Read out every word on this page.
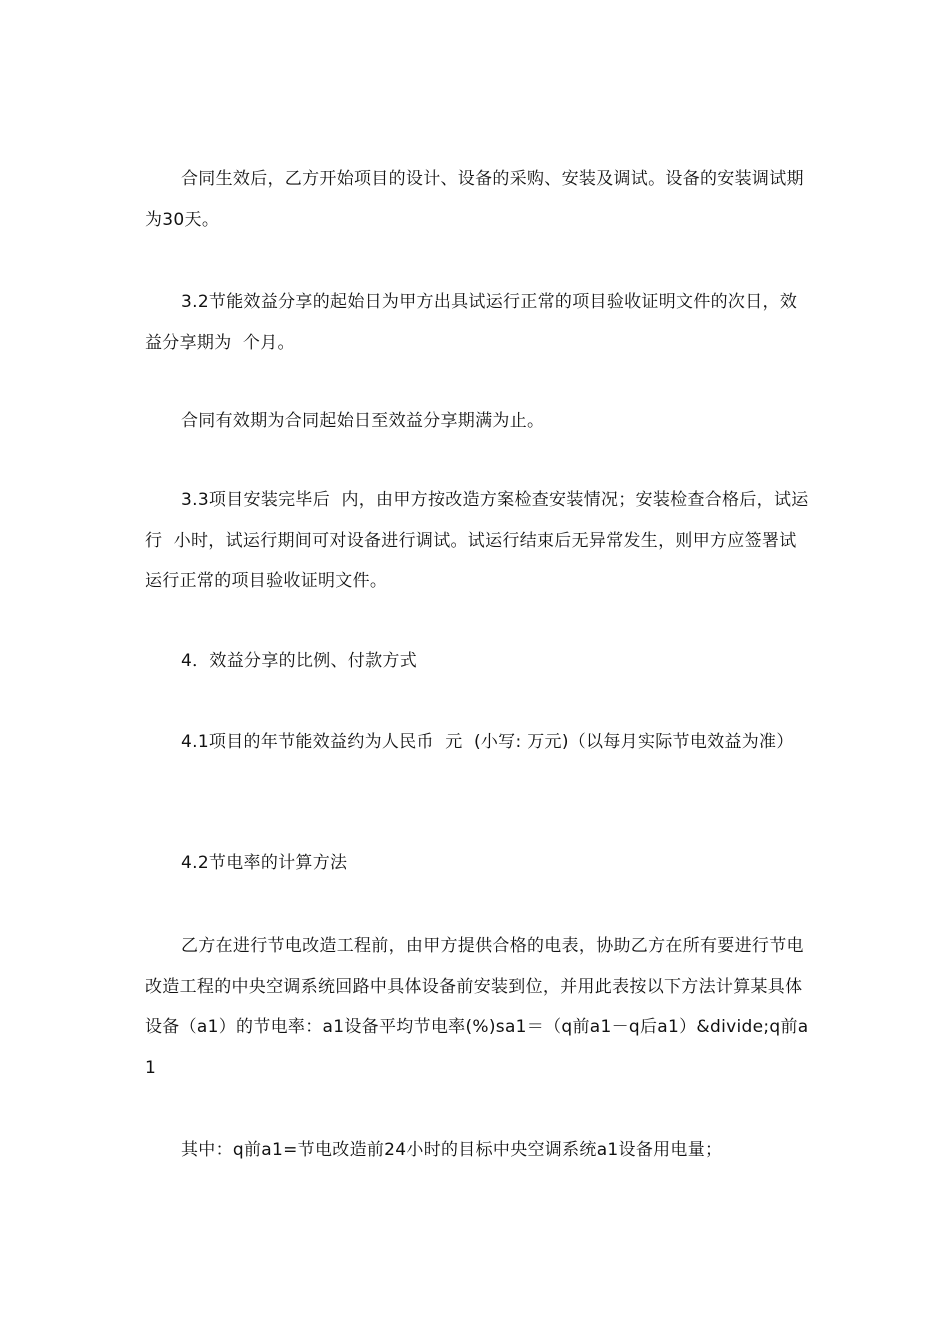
合同生效后，乙方开始项目的设计、设备的采购、安装及调试。设备的安装调试期为30天。

3.2节能效益分享的起始日为甲方出具试运行正常的项目验收证明文件的次日，效益分享期为  个月。

合同有效期为合同起始日至效益分享期满为止。

3.3项目安装完毕后  内，由甲方按改造方案检查安装情况；安装检查合格后，试运行  小时，试运行期间可对设备进行调试。试运行结束后无异常发生，则甲方应签署试运行正常的项目验收证明文件。

4．效益分享的比例、付款方式

4.1项目的年节能效益约为人民币  元  (小写: 万元)（以每月实际节电效益为准）

4.2节电率的计算方法

乙方在进行节电改造工程前，由甲方提供合格的电表，协助乙方在所有要进行节电改造工程的中央空调系统回路中具体设备前安装到位，并用此表按以下方法计算某具体设备（a1）的节电率：a1设备平均节电率(%)sa1＝（q前a1－q后a1）&divide;q前a1

其中：q前a1=节电改造前24小时的目标中央空调系统a1设备用电量；
